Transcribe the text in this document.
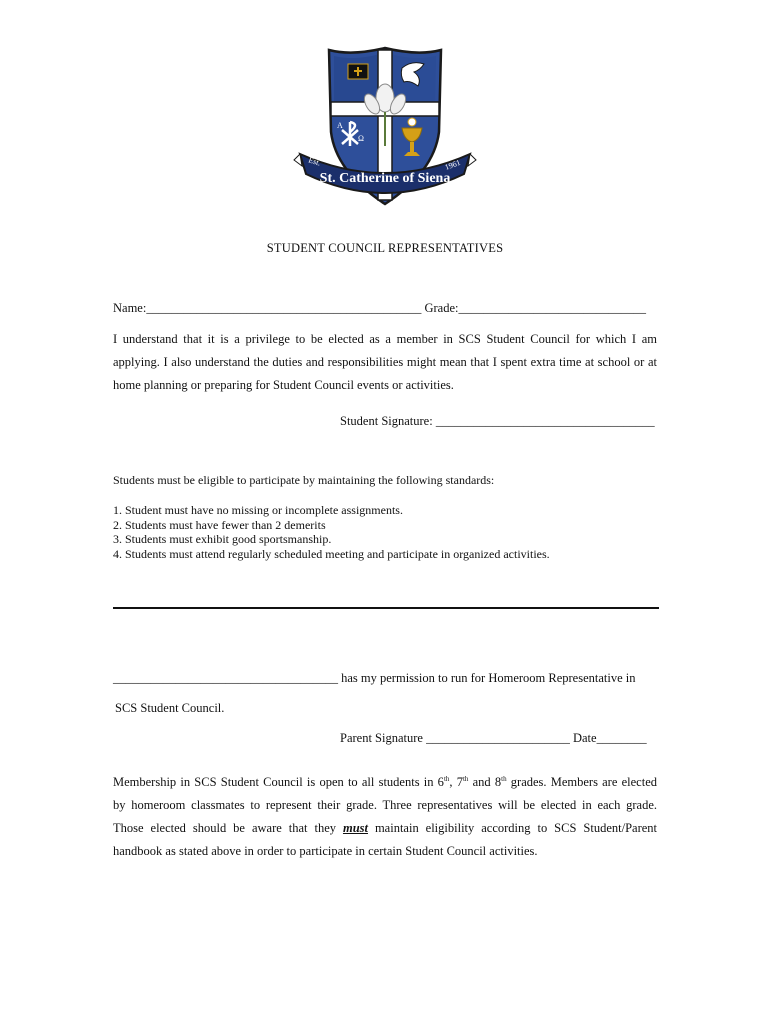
A
Ω
Est.	1961
St. Catherine of Siena
STUDENT COUNCIL REPRESENTATIVES
Name:____________________________________________ Grade:______________________________

I understand that it is a privilege to be elected as a member in SCS Student Council for which I am

applying. I also understand the duties and responsibilities might mean that I spent extra time at school or at

home planning or preparing for Student Council events or activities.

Student Signature: ___________________________________
Students must be eligible to participate by maintaining the following standards:
1. Student must have no missing or incomplete assignments.
2. Students must have fewer than 2 demerits
3. Students must exhibit good sportsmanship.
4. Students must attend regularly scheduled meeting and participate in organized activities.
____________________________________ has my permission to run for Homeroom Representative in
SCS Student Council.
Parent Signature _______________________ Date________

Membership in SCS Student Council is open to all students in 6th, 7th and 8th grades. Members are elected

by homeroom classmates to represent their grade. Three representatives will be elected in each grade.

Those elected should be aware that they must maintain eligibility according to SCS Student/Parent

handbook as stated above in order to participate in certain Student Council activities.
